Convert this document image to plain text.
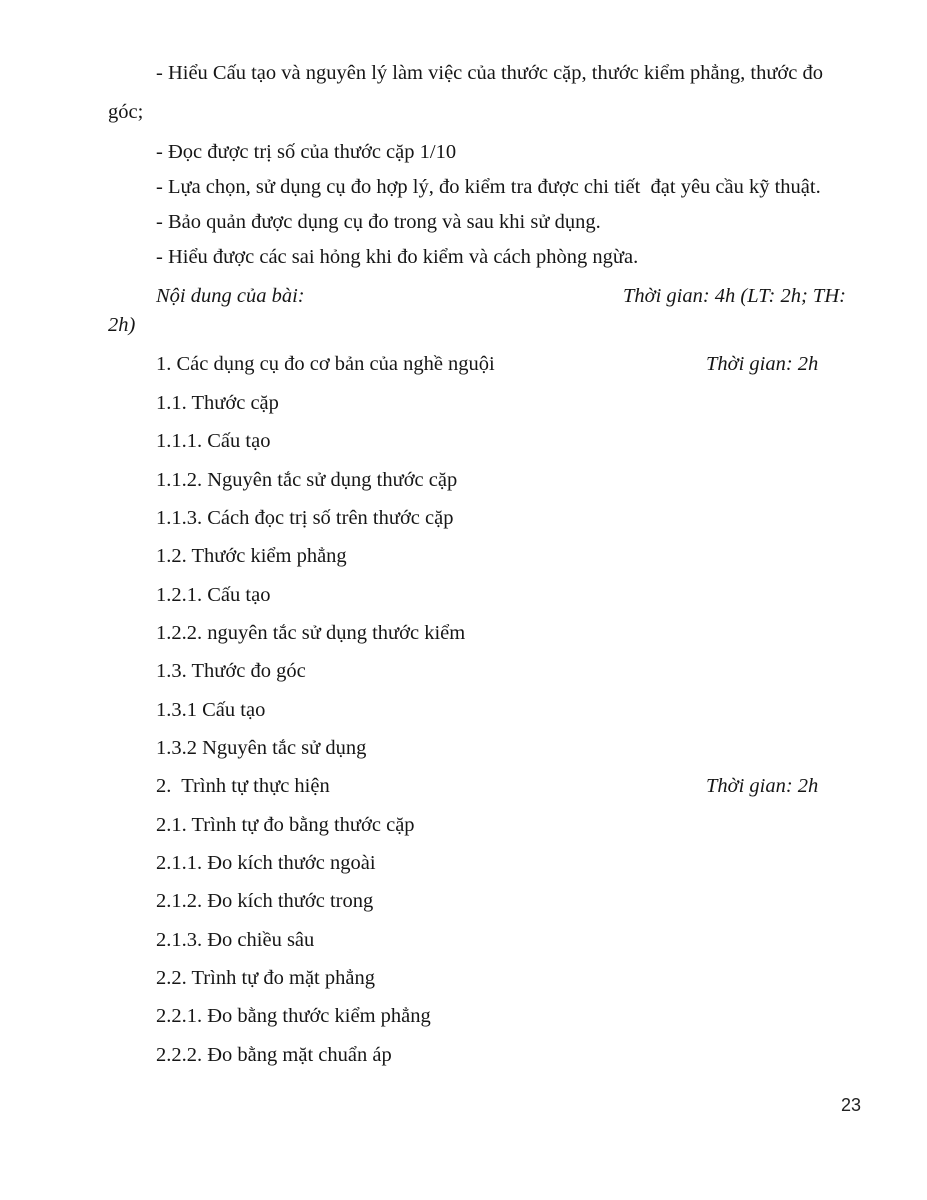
- Hiểu Cấu tạo và nguyên lý làm việc của thước cặp, thước kiểm phẳng, thước đo
góc;
- Đọc được trị số của thước cặp 1/10
- Lựa chọn, sử dụng cụ đo hợp lý, đo kiểm tra được chi tiết  đạt yêu cầu kỹ thuật.
- Bảo quản được dụng cụ đo trong và sau khi sử dụng.
- Hiểu được các sai hỏng khi đo kiểm và cách phòng ngừa.
Nội dung của bài:	Thời gian: 4h (LT: 2h; TH:
2h)
1. Các dụng cụ đo cơ bản của nghề nguội	Thời gian: 2h
1.1. Thước cặp
1.1.1. Cấu tạo
1.1.2. Nguyên tắc sử dụng thước cặp
1.1.3. Cách đọc trị số trên thước cặp
1.2. Thước kiểm phẳng
1.2.1. Cấu tạo
1.2.2. nguyên tắc sử dụng thước kiểm
1.3. Thước đo góc
1.3.1 Cấu tạo
1.3.2 Nguyên tắc sử dụng
2.  Trình tự thực hiện	Thời gian: 2h
2.1. Trình tự đo bằng thước cặp
2.1.1. Đo kích thước ngoài
2.1.2. Đo kích thước trong
2.1.3. Đo chiều sâu
2.2. Trình tự đo mặt phẳng
2.2.1. Đo bằng thước kiểm phẳng
2.2.2. Đo bằng mặt chuẩn áp
23
